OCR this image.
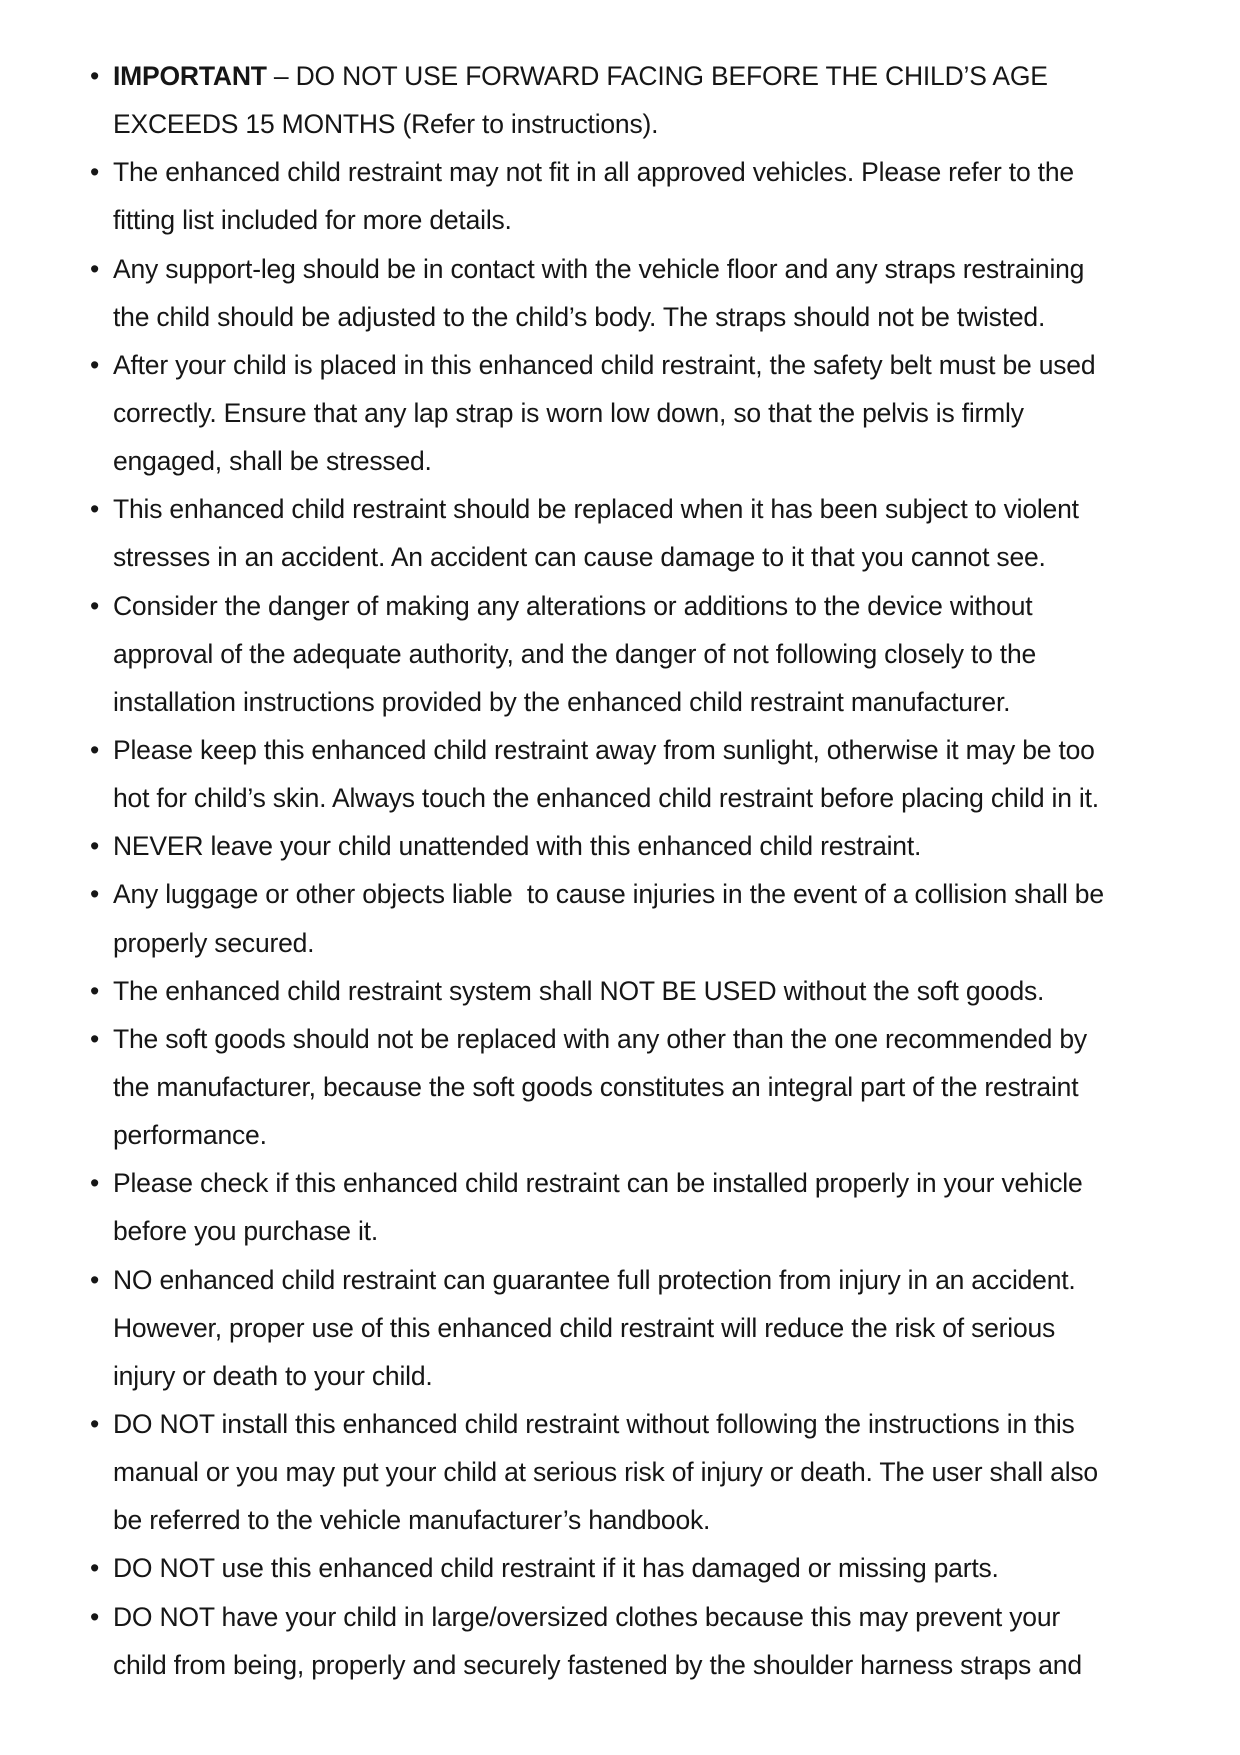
• IMPORTANT – DO NOT USE FORWARD FACING BEFORE THE CHILD’S AGE
EXCEEDS 15 MONTHS (Refer to instructions).
• The enhanced child restraint may not fit in all approved vehicles. Please refer to the
fitting list included for more details.
• Any support-leg should be in contact with the vehicle floor and any straps restraining
the child should be adjusted to the child’s body. The straps should not be twisted.
• After your child is placed in this enhanced child restraint, the safety belt must be used
correctly. Ensure that any lap strap is worn low down, so that the pelvis is firmly
engaged, shall be stressed.
• This enhanced child restraint should be replaced when it has been subject to violent
stresses in an accident. An accident can cause damage to it that you cannot see.
• Consider the danger of making any alterations or additions to the device without
approval of the adequate authority, and the danger of not following closely to the
installation instructions provided by the enhanced child restraint manufacturer.
• Please keep this enhanced child restraint away from sunlight, otherwise it may be too
hot for child’s skin. Always touch the enhanced child restraint before placing child in it.
• NEVER leave your child unattended with this enhanced child restraint.
• Any luggage or other objects liable  to cause injuries in the event of a collision shall be
properly secured.
• The enhanced child restraint system shall NOT BE USED without the soft goods.
• The soft goods should not be replaced with any other than the one recommended by
the manufacturer, because the soft goods constitutes an integral part of the restraint
performance.
• Please check if this enhanced child restraint can be installed properly in your vehicle
before you purchase it.
• NO enhanced child restraint can guarantee full protection from injury in an accident.
However, proper use of this enhanced child restraint will reduce the risk of serious
injury or death to your child.
• DO NOT install this enhanced child restraint without following the instructions in this
manual or you may put your child at serious risk of injury or death. The user shall also
be referred to the vehicle manufacturer’s handbook.
• DO NOT use this enhanced child restraint if it has damaged or missing parts.
• DO NOT have your child in large/oversized clothes because this may prevent your
child from being, properly and securely fastened by the shoulder harness straps and
